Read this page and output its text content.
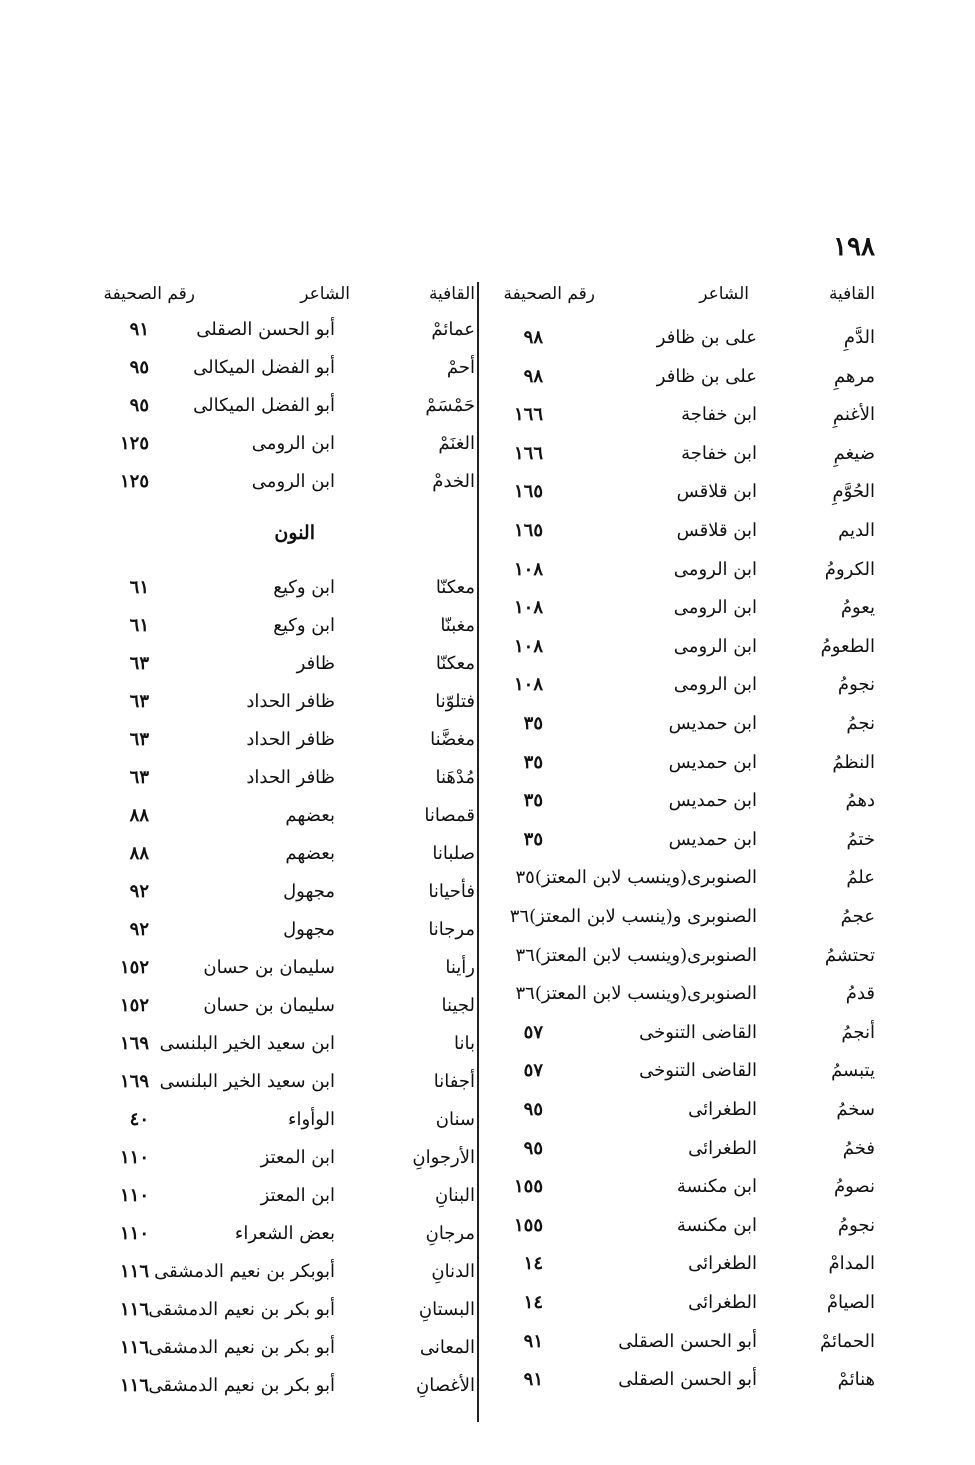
١٩٨
القافية
الشاعر
رقم الصحيفة
القافية
الشاعر
رقم الصحيفة
الدَّمِ
على بن ظافر
٩٨
مرهمِ
على بن ظافر
٩٨
الأغنمِ
ابن خفاجة
١٦٦
ضيغمِ
ابن خفاجة
١٦٦
الحُوَّمِ
ابن قلاقس
١٦٥
الديم
ابن قلاقس
١٦٥
الكرومُ
ابن الرومى
١٠٨
يعومُ
ابن الرومى
١٠٨
الطعومُ
ابن الرومى
١٠٨
نجومُ
ابن الرومى
١٠٨
نجمُ
ابن حمديس
٣٥
النظمُ
ابن حمديس
٣٥
دهمُ
ابن حمديس
٣٥
ختمُ
ابن حمديس
٣٥
علمُ
الصنوبرى(وينسب لابن المعتز)٣٥
عجمُ
الصنوبرى و(ينسب لابن المعتز)٣٦
تحتشمُ
الصنوبرى(وينسب لابن المعتز)٣٦
قدمُ
الصنوبرى(وينسب لابن المعتز)٣٦
أنجمُ
القاضى التنوخى
٥٧
يتبسمُ
القاضى التنوخى
٥٧
سخمُ
الطغرائى
٩٥
فخمُ
الطغرائى
٩٥
نصومُ
ابن مكنسة
١٥٥
نجومُ
ابن مكنسة
١٥٥
المدامْ
الطغرائى
١٤
الصيامْ
الطغرائى
١٤
الحمائمْ
أبو الحسن الصقلى
٩١
هنائمْ
أبو الحسن الصقلى
٩١
عمائمْ
أبو الحسن الصقلى
٩١
أحمْ
أبو الفضل الميكالى
٩٥
حَمْسَمْ
أبو الفضل الميكالى
٩٥
الغنَمْ
ابن الرومى
١٢٥
الخدمْ
ابن الرومى
١٢٥
معكنّا
ابن وكيع
٦١
مغبنّا
ابن وكيع
٦١
معكنّا
ظافر
٦٣
فتلوّنا
ظافر الحداد
٦٣
مغضَّنا
ظافر الحداد
٦٣
مُدْهَنا
ظافر الحداد
٦٣
قمصانا
بعضهم
٨٨
صلبانا
بعضهم
٨٨
فأحيانا
مجهول
٩٢
مرجانا
مجهول
٩٢
رأينا
سليمان بن حسان
١٥٢
لجينا
سليمان بن حسان
١٥٢
بانا
ابن سعيد الخير البلنسى
١٦٩
أجفانا
ابن سعيد الخير البلنسى
١٦٩
سنان
الوأواء
٤٠
الأرجوانِ
ابن المعتز
١١٠
البنانِ
ابن المعتز
١١٠
مرجانِ
بعض الشعراء
١١٠
الدنانِ
أبوبكر بن نعيم الدمشقى
١١٦
البستانِ
أبو بكر بن نعيم الدمشقى
١١٦
المعانى
أبو بكر بن نعيم الدمشقى
١١٦
الأغصانِ
أبو بكر بن نعيم الدمشقى
١١٦
النون
